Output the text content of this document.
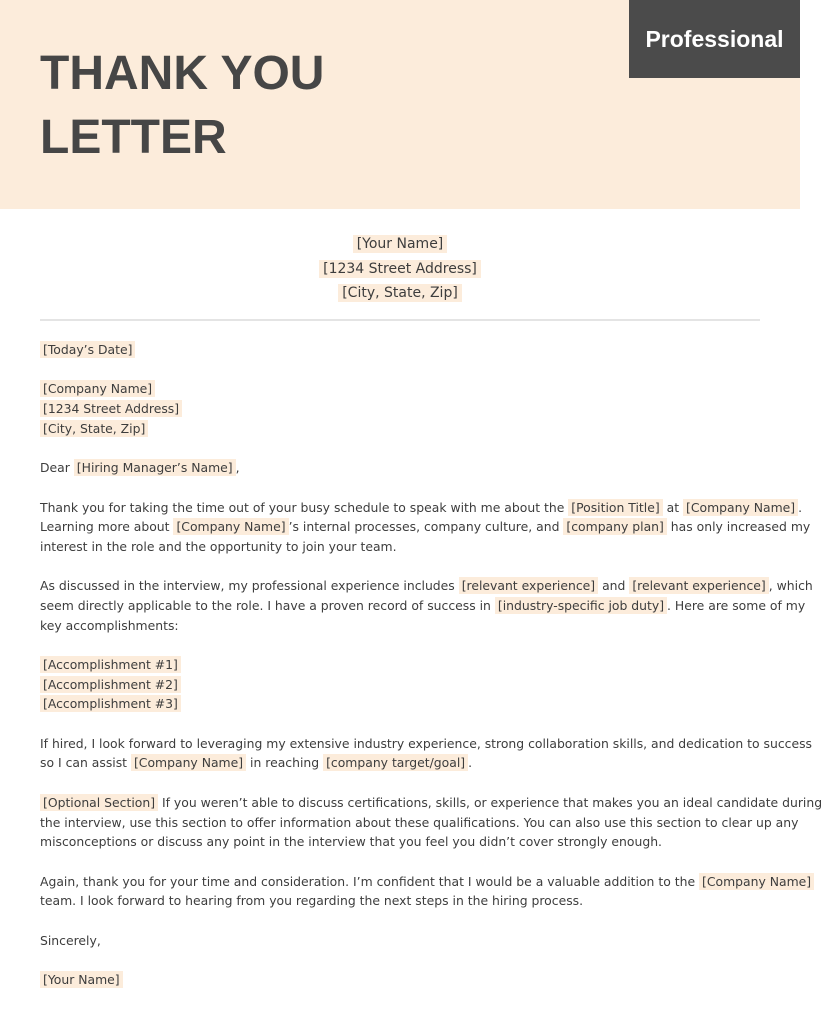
THANK YOU
LETTER
Professional
[Your Name]
[1234 Street Address]
[City, State, Zip]
[Today’s Date]
[Company Name]
[1234 Street Address]
[City, State, Zip]
Dear [Hiring Manager’s Name] ,
Thank you for taking the time out of your busy schedule to speak with me about the [Position Title] at [Company Name] .
Learning more about [Company Name] ’s internal processes, company culture, and [company plan] has only increased my
interest in the role and the opportunity to join your team.
As discussed in the interview, my professional experience includes [relevant experience] and [relevant experience] , which
seem directly applicable to the role. I have a proven record of success in [industry-specific job duty] . Here are some of my
key accomplishments:
[Accomplishment #1]
[Accomplishment #2]
[Accomplishment #3]
If hired, I look forward to leveraging my extensive industry experience, strong collaboration skills, and dedication to success
so I can assist [Company Name] in reaching [company target/goal] .
[Optional Section] If you weren’t able to discuss certifications, skills, or experience that makes you an ideal candidate during
the interview, use this section to offer information about these qualifications. You can also use this section to clear up any
misconceptions or discuss any point in the interview that you feel you didn’t cover strongly enough.
Again, thank you for your time and consideration. I’m confident that I would be a valuable addition to the [Company Name]
team. I look forward to hearing from you regarding the next steps in the hiring process.
Sincerely,
[Your Name]
